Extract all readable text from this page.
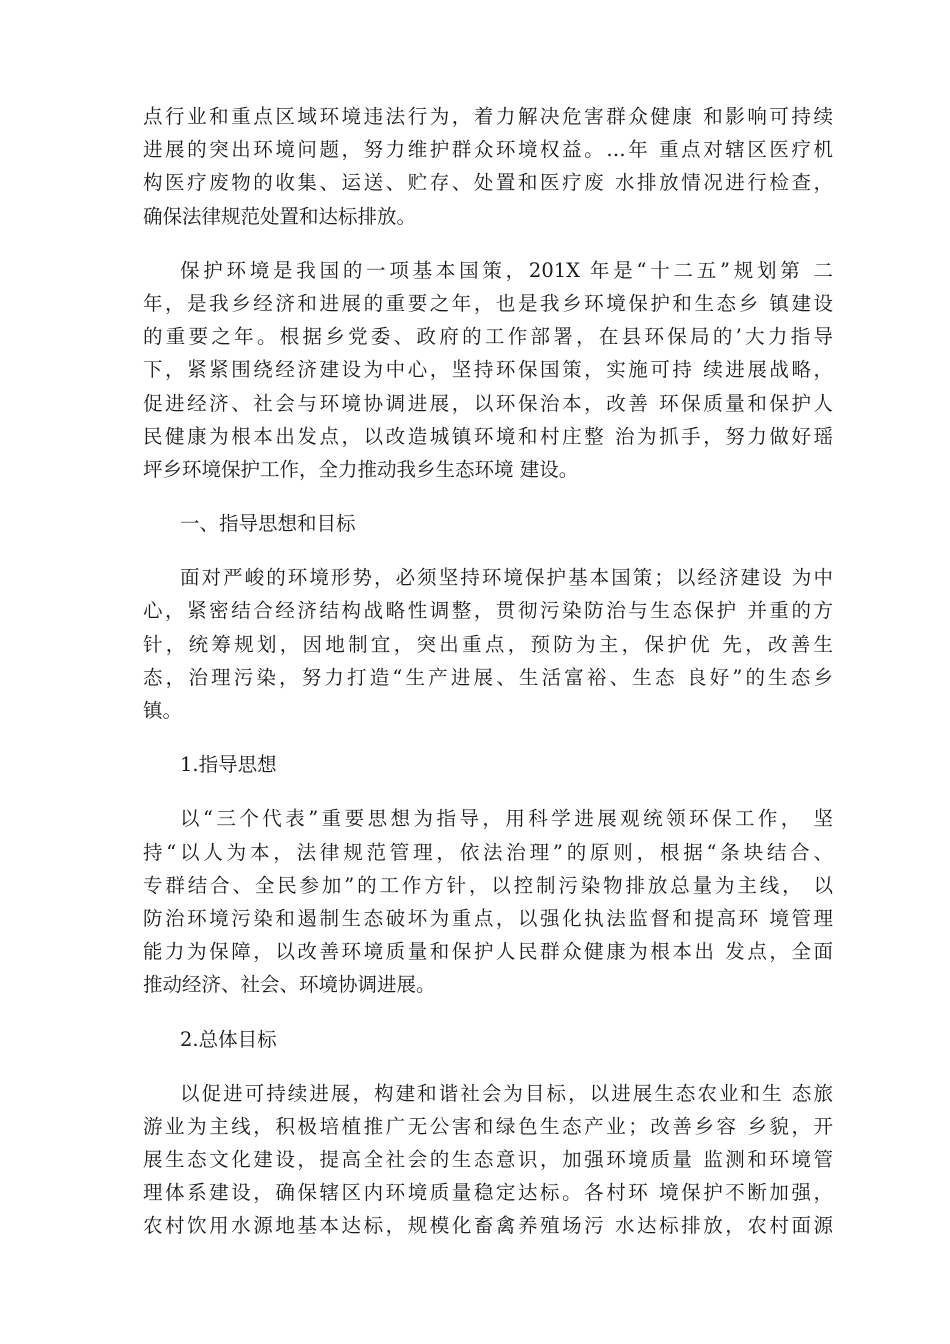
点行业和重点区域环境违法行为，着力解决危害群众健康 和影响可持续
进展的突出环境问题，努力维护群众环境权益。…年 重点对辖区医疗机
构医疗废物的收集、运送、贮存、处置和医疗废 水排放情况进行检查，
确保法律规范处置和达标排放。
保护环境是我国的一项基本国策，201X 年是“十二五”规划第 二
年，是我乡经济和进展的重要之年，也是我乡环境保护和生态乡 镇建设
的重要之年。根据乡党委、政府的工作部署，在县环保局的’大力指导
下，紧紧围绕经济建设为中心，坚持环保国策，实施可持 续进展战略，
促进经济、社会与环境协调进展，以环保治本，改善 环保质量和保护人
民健康为根本出发点，以改造城镇环境和村庄整 治为抓手，努力做好瑶
坪乡环境保护工作，全力推动我乡生态环境 建设。
一、指导思想和目标
面对严峻的环境形势，必须坚持环境保护基本国策；以经济建设 为中
心，紧密结合经济结构战略性调整，贯彻污染防治与生态保护 并重的方
针，统筹规划，因地制宜，突出重点，预防为主，保护优 先，改善生
态，治理污染，努力打造“生产进展、生活富裕、生态 良好”的生态乡
镇。
1.指导思想
以“三个代表”重要思想为指导，用科学进展观统领环保工作， 坚
持“以人为本，法律规范管理，依法治理”的原则，根据“条块结合、
专群结合、全民参加”的工作方针，以控制污染物排放总量为主线， 以
防治环境污染和遏制生态破坏为重点，以强化执法监督和提高环 境管理
能力为保障，以改善环境质量和保护人民群众健康为根本出 发点，全面
推动经济、社会、环境协调进展。
2.总体目标
以促进可持续进展，构建和谐社会为目标，以进展生态农业和生 态旅
游业为主线，积极培植推广无公害和绿色生态产业；改善乡容 乡貌，开
展生态文化建设，提高全社会的生态意识，加强环境质量 监测和环境管
理体系建设，确保辖区内环境质量稳定达标。各村环 境保护不断加强，
农村饮用水源地基本达标，规模化畜禽养殖场污 水达标排放，农村面源
